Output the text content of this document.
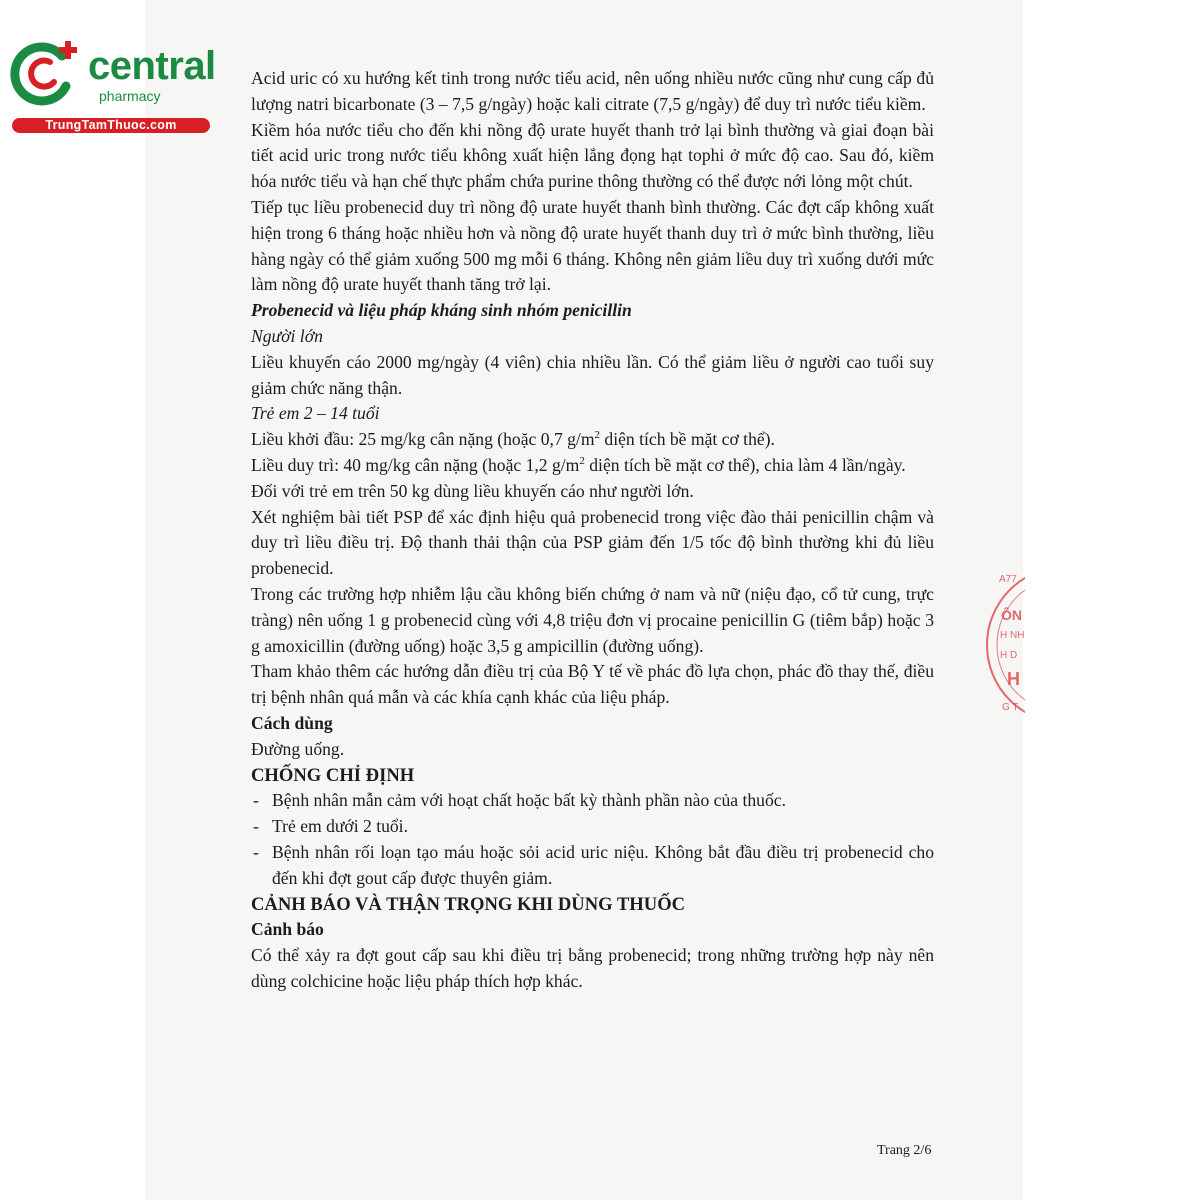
central
pharmacy
TrungTamThuoc.com

Acid uric có xu hướng kết tinh trong nước tiểu acid, nên uống nhiều nước cũng như cung cấp đủ lượng natri bicarbonate (3 – 7,5 g/ngày) hoặc kali citrate (7,5 g/ngày) để duy trì nước tiểu kiềm.

Kiềm hóa nước tiểu cho đến khi nồng độ urate huyết thanh trở lại bình thường và giai đoạn bài tiết acid uric trong nước tiểu không xuất hiện lắng đọng hạt tophi ở mức độ cao. Sau đó, kiềm hóa nước tiểu và hạn chế thực phẩm chứa purine thông thường có thể được nới lỏng một chút.

Tiếp tục liều probenecid duy trì nồng độ urate huyết thanh bình thường. Các đợt cấp không xuất hiện trong 6 tháng hoặc nhiều hơn và nồng độ urate huyết thanh duy trì ở mức bình thường, liều hàng ngày có thể giảm xuống 500 mg mỗi 6 tháng. Không nên giảm liều duy trì xuống dưới mức làm nồng độ urate huyết thanh tăng trở lại.

Probenecid và liệu pháp kháng sinh nhóm penicillin

Người lớn

Liều khuyến cáo 2000 mg/ngày (4 viên) chia nhiều lần. Có thể giảm liều ở người cao tuổi suy giảm chức năng thận.

Trẻ em 2 – 14 tuổi

Liều khởi đầu: 25 mg/kg cân nặng (hoặc 0,7 $g/m^2$ diện tích bề mặt cơ thể).

Liều duy trì: 40 mg/kg cân nặng (hoặc 1,2 $g/m^2$ diện tích bề mặt cơ thể), chia làm 4 lần/ngày.

Đối với trẻ em trên 50 kg dùng liều khuyến cáo như người lớn.

Xét nghiệm bài tiết PSP để xác định hiệu quả probenecid trong việc đào thải penicillin chậm và duy trì liều điều trị. Độ thanh thải thận của PSP giảm đến 1/5 tốc độ bình thường khi đủ liều probenecid.

Trong các trường hợp nhiễm lậu cầu không biến chứng ở nam và nữ (niệu đạo, cổ tử cung, trực tràng) nên uống 1 g probenecid cùng với 4,8 triệu đơn vị procaine penicillin G (tiêm bắp) hoặc 3 g amoxicillin (đường uống) hoặc 3,5 g ampicillin (đường uống).

Tham khảo thêm các hướng dẫn điều trị của Bộ Y tế về phác đồ lựa chọn, phác đồ thay thế, điều trị bệnh nhân quá mẫn và các khía cạnh khác của liệu pháp.

Cách dùng

Đường uống.

CHỐNG CHỈ ĐỊNH

- Bệnh nhân mẫn cảm với hoạt chất hoặc bất kỳ thành phần nào của thuốc.
- Trẻ em dưới 2 tuổi.
- Bệnh nhân rối loạn tạo máu hoặc sỏi acid uric niệu. Không bắt đầu điều trị probenecid cho đến khi đợt gout cấp được thuyên giảm.

CẢNH BÁO VÀ THẬN TRỌNG KHI DÙNG THUỐC

Cảnh báo

Có thể xảy ra đợt gout cấp sau khi điều trị bằng probenecid; trong những trường hợp này nên dùng colchicine hoặc liệu pháp thích hợp khác.

Trang 2/6
A77
ÔN
H NH
H D
H
G T
